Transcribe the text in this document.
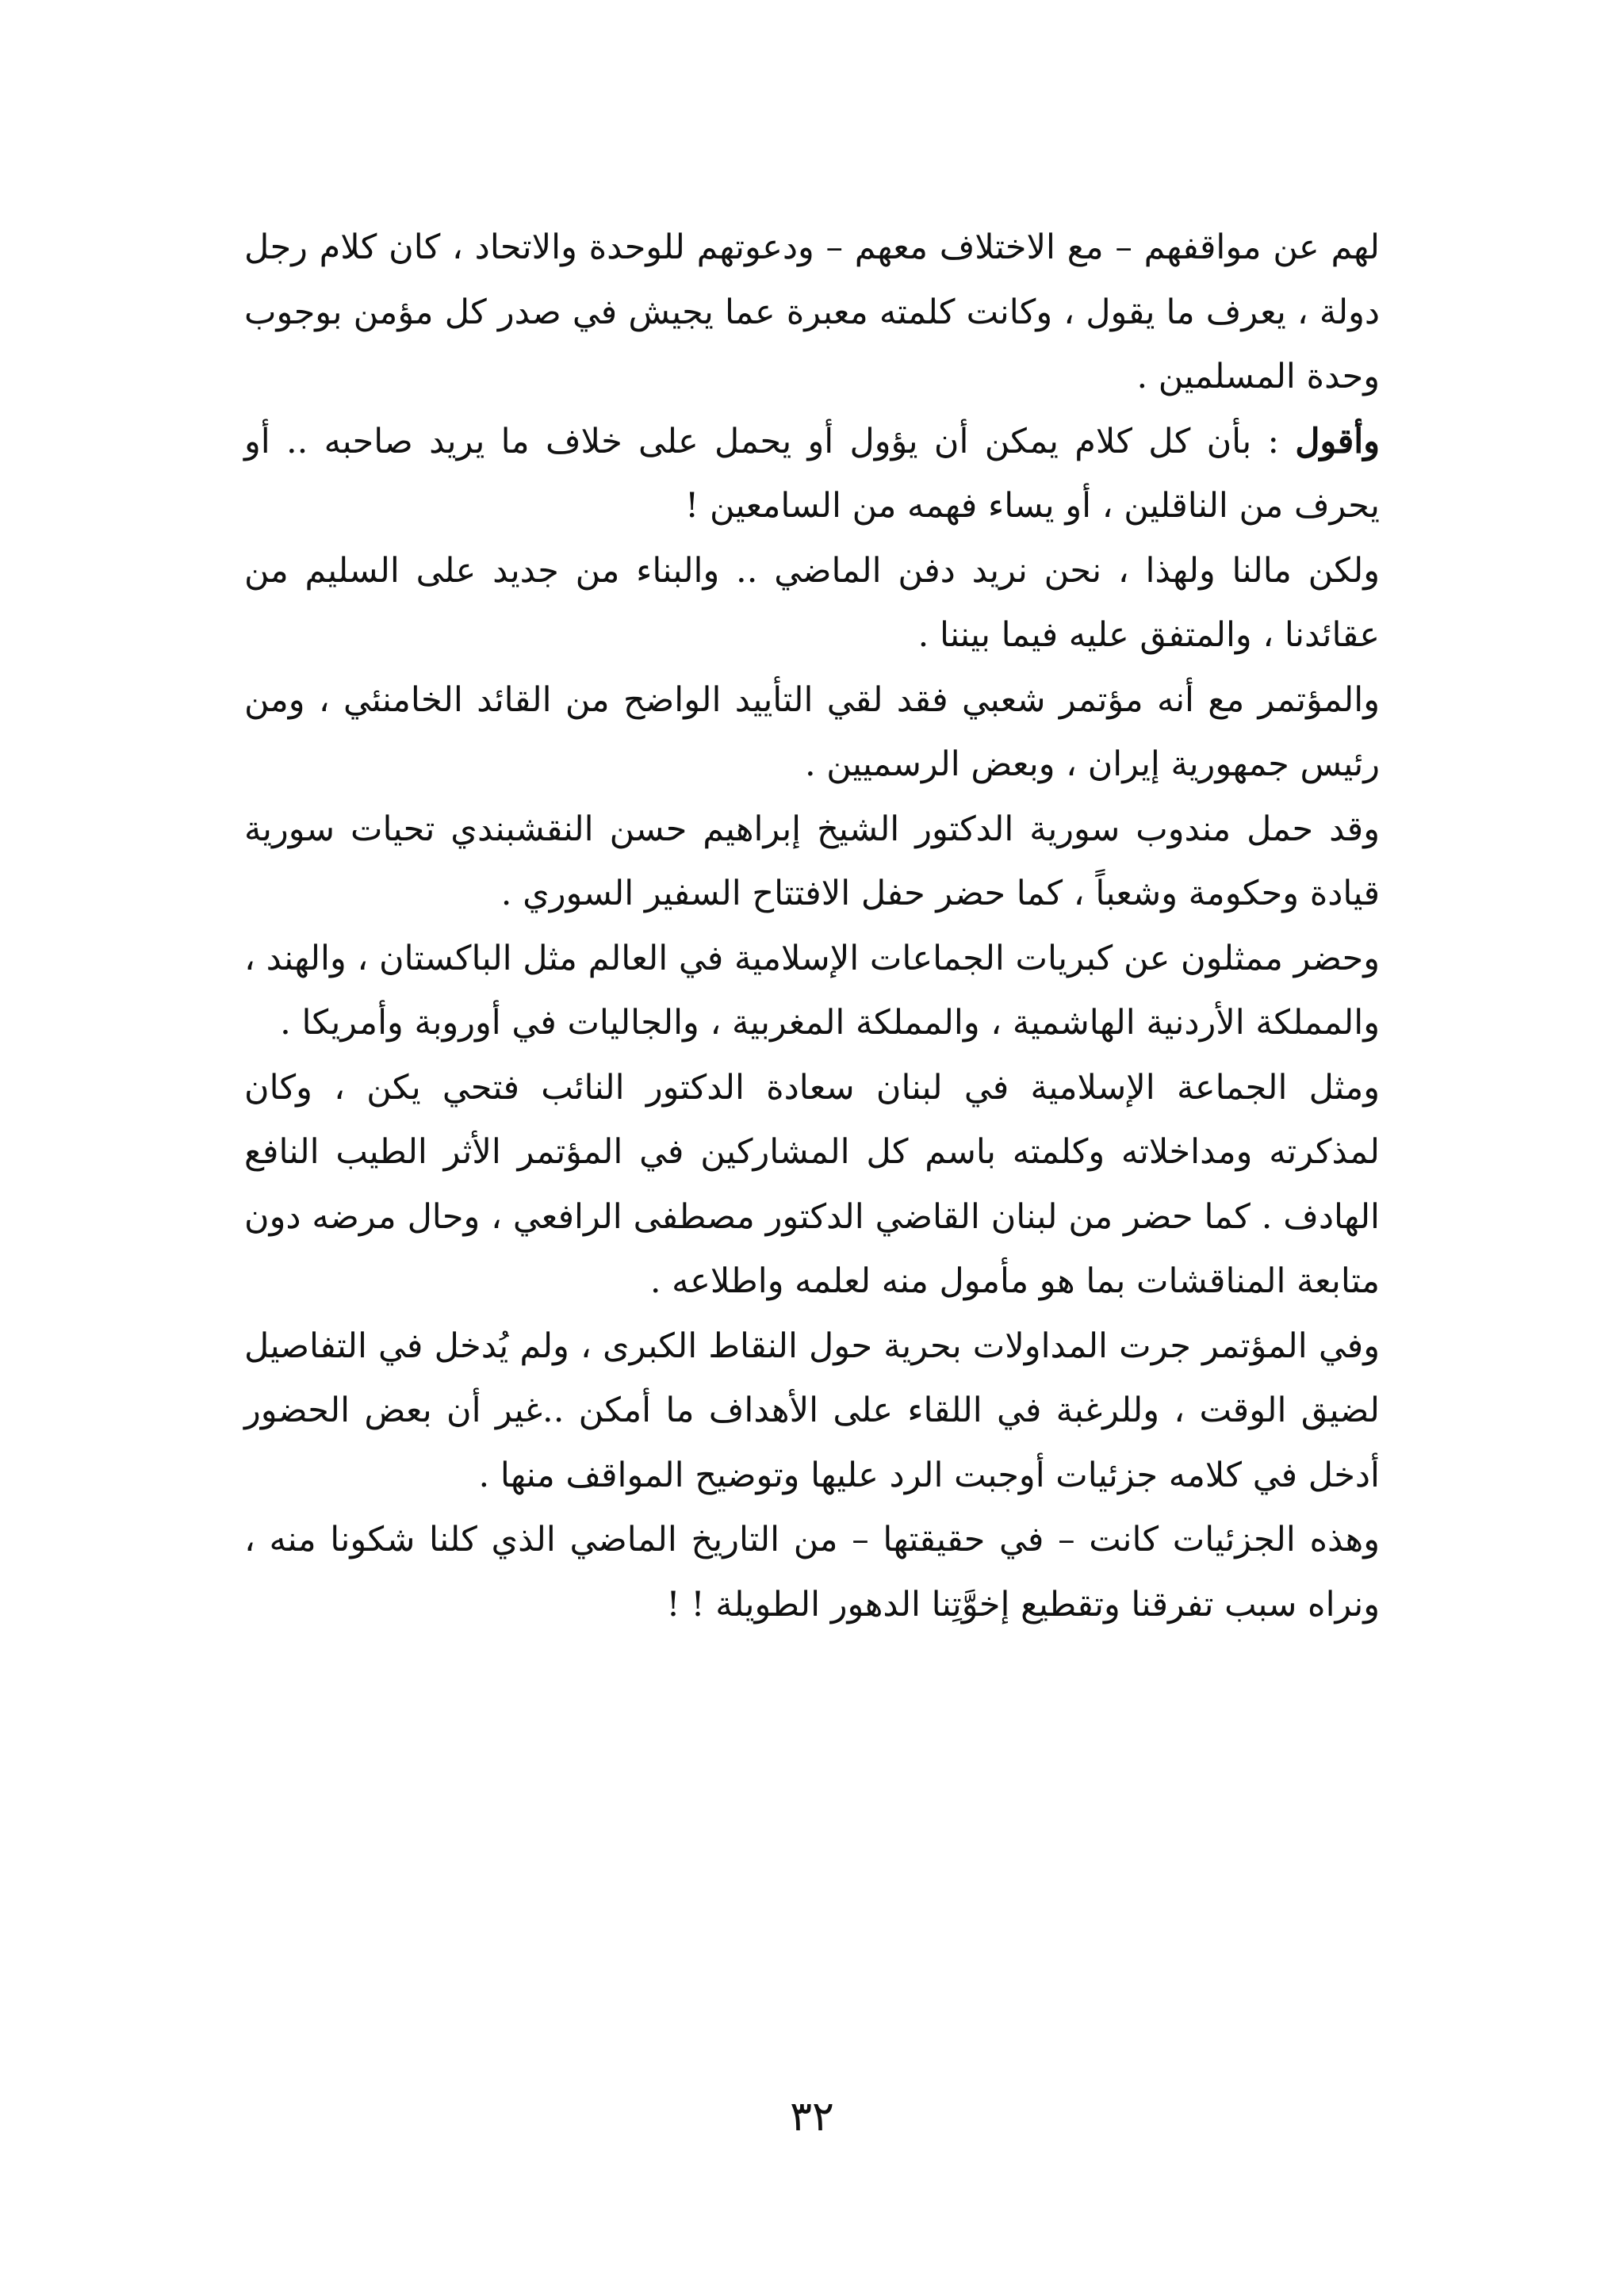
لهم عن مواقفهم – مع الاختلاف معهم – ودعوتهم للوحدة والاتحاد ، كان كلام رجل دولة ، يعرف ما يقول ، وكانت كلمته معبرة عما يجيش في صدر كل مؤمن بوجوب وحدة المسلمين .

وأقول : بأن كل كلام يمكن أن يؤول أو يحمل على خلاف ما يريد صاحبه .. أو يحرف من الناقلين ، أو يساء فهمه من السامعين !

ولكن مالنا ولهذا ، نحن نريد دفن الماضي .. والبناء من جديد على السليم من عقائدنا ، والمتفق عليه فيما بيننا .

والمؤتمر مع أنه مؤتمر شعبي فقد لقي التأييد الواضح من القائد الخامنئي ، ومن رئيس جمهورية إيران ، وبعض الرسميين .

وقد حمل مندوب سورية الدكتور الشيخ إبراهيم حسن النقشبندي تحيات سورية قيادة وحكومة وشعباً ، كما حضر حفل الافتتاح السفير السوري .

وحضر ممثلون عن كبريات الجماعات الإسلامية في العالم مثل الباكستان ، والهند ، والمملكة الأردنية الهاشمية ، والمملكة المغربية ، والجاليات في أوروبة وأمريكا .

ومثل الجماعة الإسلامية في لبنان سعادة الدكتور النائب فتحي يكن ، وكان لمذكرته ومداخلاته وكلمته باسم كل المشاركين في المؤتمر الأثر الطيب النافع الهادف . كما حضر من لبنان القاضي الدكتور مصطفى الرافعي ، وحال مرضه دون متابعة المناقشات بما هو مأمول منه لعلمه واطلاعه .

وفي المؤتمر جرت المداولات بحرية حول النقاط الكبرى ، ولم يُدخل في التفاصيل لضيق الوقت ، وللرغبة في اللقاء على الأهداف ما أمكن ..غير أن بعض الحضور أدخل في كلامه جزئيات أوجبت الرد عليها وتوضيح المواقف منها .

وهذه الجزئيات كانت – في حقيقتها – من التاريخ الماضي الذي كلنا شكونا منه ، ونراه سبب تفرقنا وتقطيع إخوَّتِنا الدهور الطويلة ! !

٣٢
